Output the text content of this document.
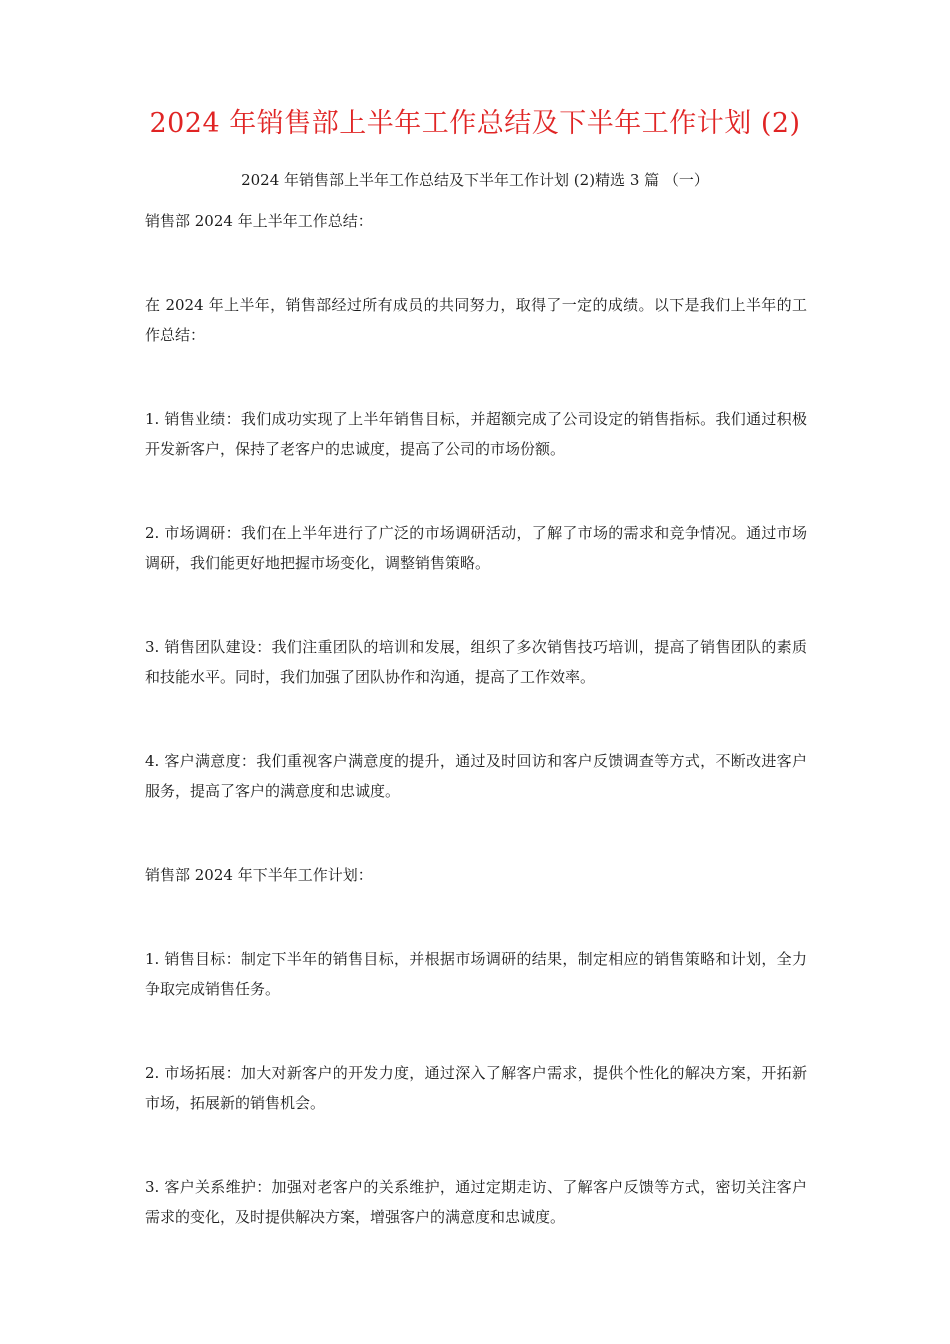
2024 年销售部上半年工作总结及下半年工作计划 (2)

2024 年销售部上半年工作总结及下半年工作计划 (2)精选 3 篇 （一）

销售部 2024 年上半年工作总结：

在 2024 年上半年，销售部经过所有成员的共同努力，取得了一定的成绩。以下是我们上半年的工作总结：

1. 销售业绩：我们成功实现了上半年销售目标，并超额完成了公司设定的销售指标。我们通过积极开发新客户，保持了老客户的忠诚度，提高了公司的市场份额。

2. 市场调研：我们在上半年进行了广泛的市场调研活动，了解了市场的需求和竞争情况。通过市场调研，我们能更好地把握市场变化，调整销售策略。

3. 销售团队建设：我们注重团队的培训和发展，组织了多次销售技巧培训，提高了销售团队的素质和技能水平。同时，我们加强了团队协作和沟通，提高了工作效率。

4. 客户满意度：我们重视客户满意度的提升，通过及时回访和客户反馈调查等方式，不断改进客户服务，提高了客户的满意度和忠诚度。

销售部 2024 年下半年工作计划：

1. 销售目标：制定下半年的销售目标，并根据市场调研的结果，制定相应的销售策略和计划，全力争取完成销售任务。

2. 市场拓展：加大对新客户的开发力度，通过深入了解客户需求，提供个性化的解决方案，开拓新市场，拓展新的销售机会。

3. 客户关系维护：加强对老客户的关系维护，通过定期走访、了解客户反馈等方式，密切关注客户需求的变化，及时提供解决方案，增强客户的满意度和忠诚度。
